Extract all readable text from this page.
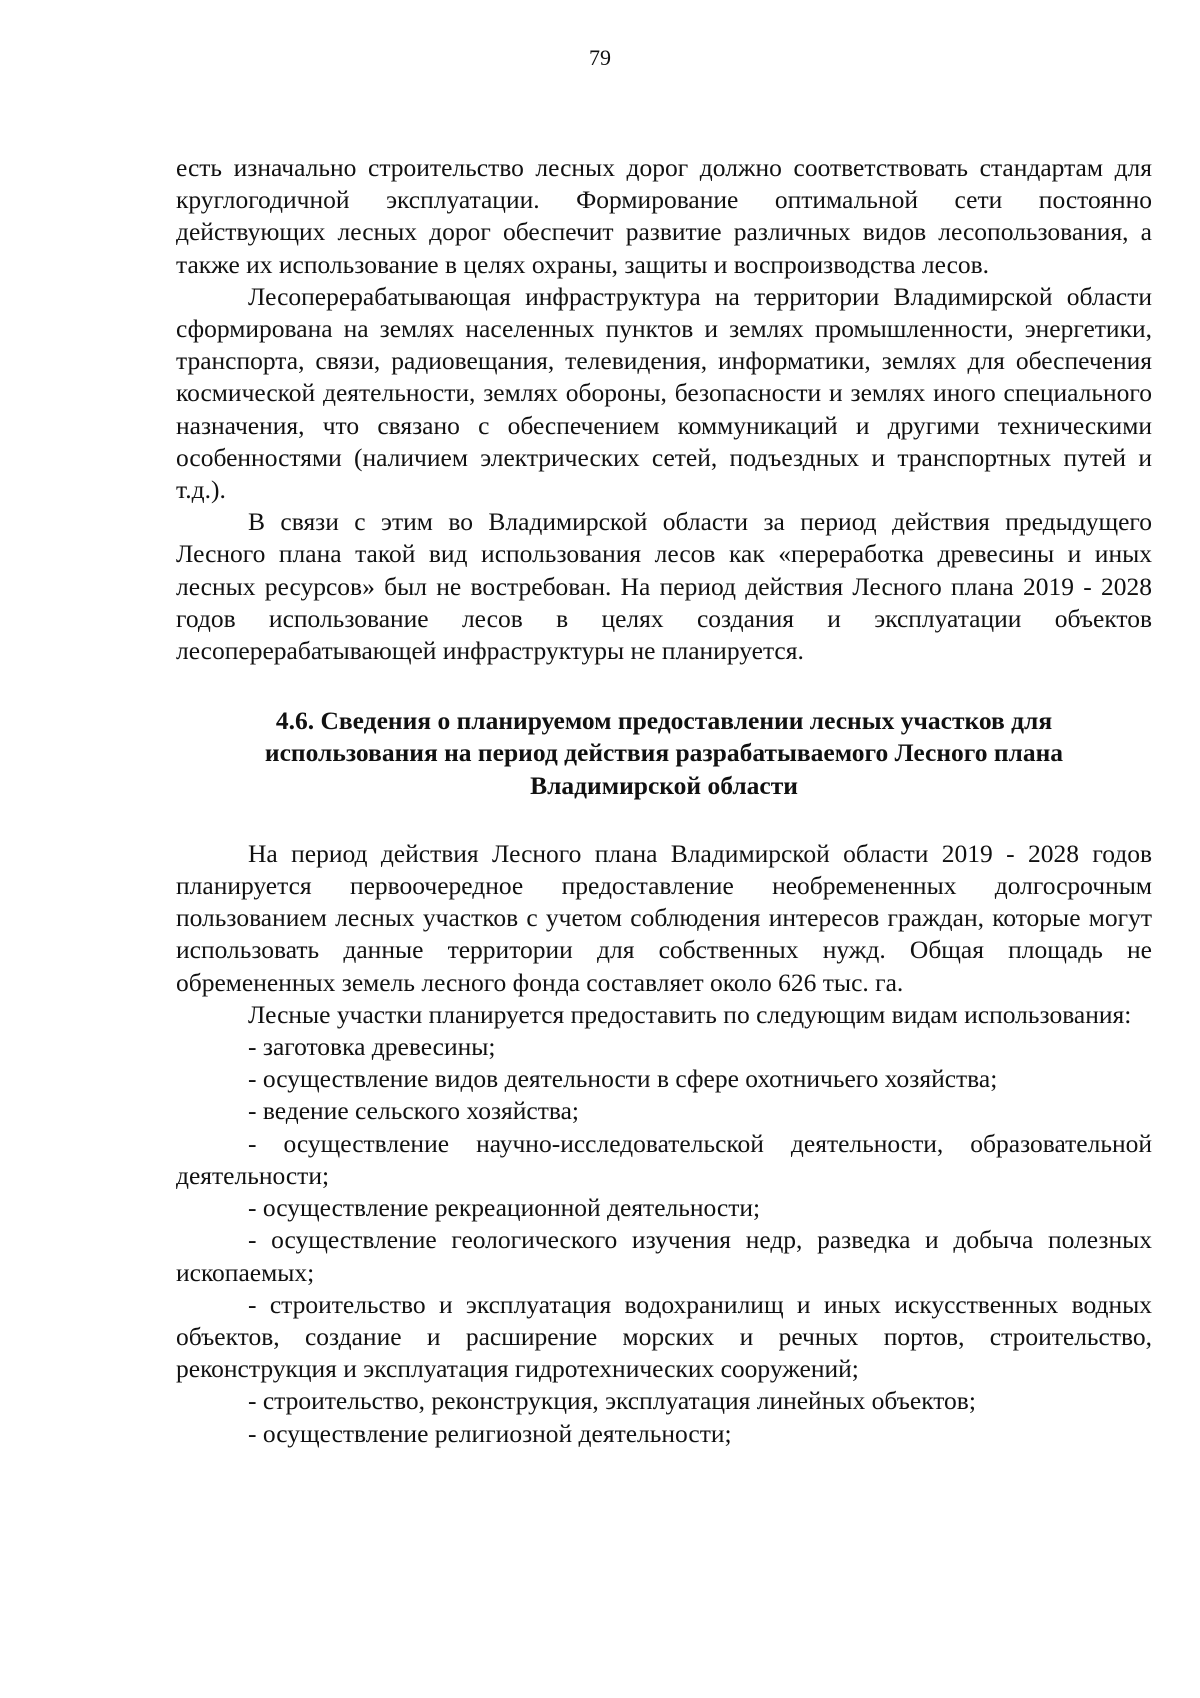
79

есть изначально строительство лесных дорог должно соответствовать стандартам для круглогодичной эксплуатации. Формирование оптимальной сети постоянно действующих лесных дорог обеспечит развитие различных видов лесопользования, а также их использование в целях охраны, защиты и воспроизводства лесов.

Лесоперерабатывающая инфраструктура на территории Владимирской области сформирована на землях населенных пунктов и землях промышленности, энергетики, транспорта, связи, радиовещания, телевидения, информатики, землях для обеспечения космической деятельности, землях обороны, безопасности и землях иного специального назначения, что связано с обеспечением коммуникаций и другими техническими особенностями (наличием электрических сетей, подъездных и транспортных путей и т.д.).

В связи с этим во Владимирской области за период действия предыдущего Лесного плана такой вид использования лесов как «переработка древесины и иных лесных ресурсов» был не востребован. На период действия Лесного плана 2019 - 2028 годов использование лесов в целях создания и эксплуатации объектов лесоперерабатывающей инфраструктуры не планируется.

4.6. Сведения о планируемом предоставлении лесных участков для использования на период действия разрабатываемого Лесного плана Владимирской области

На период действия Лесного плана Владимирской области 2019 - 2028 годов планируется первоочередное предоставление необремененных долгосрочным пользованием лесных участков с учетом соблюдения интересов граждан, которые могут использовать данные территории для собственных нужд. Общая площадь не обремененных земель лесного фонда составляет около 626 тыс. га.

Лесные участки планируется предоставить по следующим видам использования:

- заготовка древесины;
- осуществление видов деятельности в сфере охотничьего хозяйства;
- ведение сельского хозяйства;
- осуществление научно-исследовательской деятельности, образовательной деятельности;
- осуществление рекреационной деятельности;
- осуществление геологического изучения недр, разведка и добыча полезных ископаемых;
- строительство и эксплуатация водохранилищ и иных искусственных водных объектов, создание и расширение морских и речных портов, строительство, реконструкция и эксплуатация гидротехнических сооружений;
- строительство, реконструкция, эксплуатация линейных объектов;
- осуществление религиозной деятельности;
